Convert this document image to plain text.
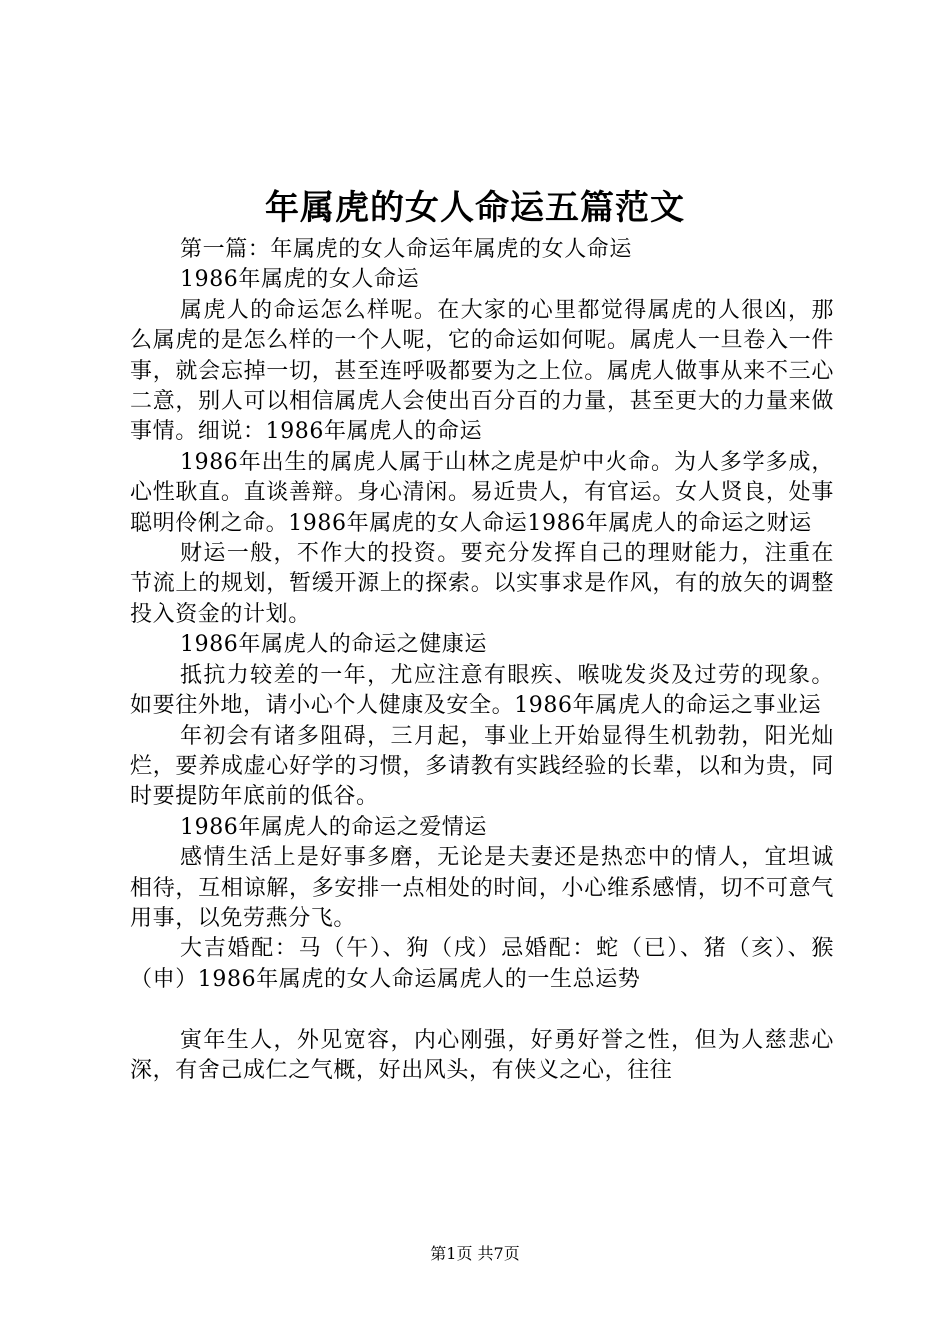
年属虎的女人命运五篇范文

第一篇：年属虎的女人命运年属虎的女人命运

1986年属虎的女人命运

属虎人的命运怎么样呢。在大家的心里都觉得属虎的人很凶，那么属虎的是怎么样的一个人呢，它的命运如何呢。属虎人一旦卷入一件事，就会忘掉一切，甚至连呼吸都要为之上位。属虎人做事从来不三心二意，别人可以相信属虎人会使出百分百的力量，甚至更大的力量来做事情。细说：1986年属虎人的命运

1986年出生的属虎人属于山林之虎是炉中火命。为人多学多成，心性耿直。直谈善辩。身心清闲。易近贵人，有官运。女人贤良，处事聪明伶俐之命。1986年属虎的女人命运1986年属虎人的命运之财运

财运一般，不作大的投资。要充分发挥自己的理财能力，注重在节流上的规划，暂缓开源上的探索。以实事求是作风，有的放矢的调整投入资金的计划。

1986年属虎人的命运之健康运

抵抗力较差的一年，尤应注意有眼疾、喉咙发炎及过劳的现象。如要往外地，请小心个人健康及安全。1986年属虎人的命运之事业运

年初会有诸多阻碍，三月起，事业上开始显得生机勃勃，阳光灿烂，要养成虚心好学的习惯，多请教有实践经验的长辈，以和为贵，同时要提防年底前的低谷。

1986年属虎人的命运之爱情运

感情生活上是好事多磨，无论是夫妻还是热恋中的情人，宜坦诚相待，互相谅解，多安排一点相处的时间，小心维系感情，切不可意气用事，以免劳燕分飞。

大吉婚配：马（午）、狗（戌）忌婚配：蛇（已）、猪（亥）、猴（申）1986年属虎的女人命运属虎人的一生总运势

寅年生人，外见宽容，内心刚强，好勇好誉之性，但为人慈悲心深，有舍己成仁之气概，好出风头，有侠义之心，往往

第1页 共7页
